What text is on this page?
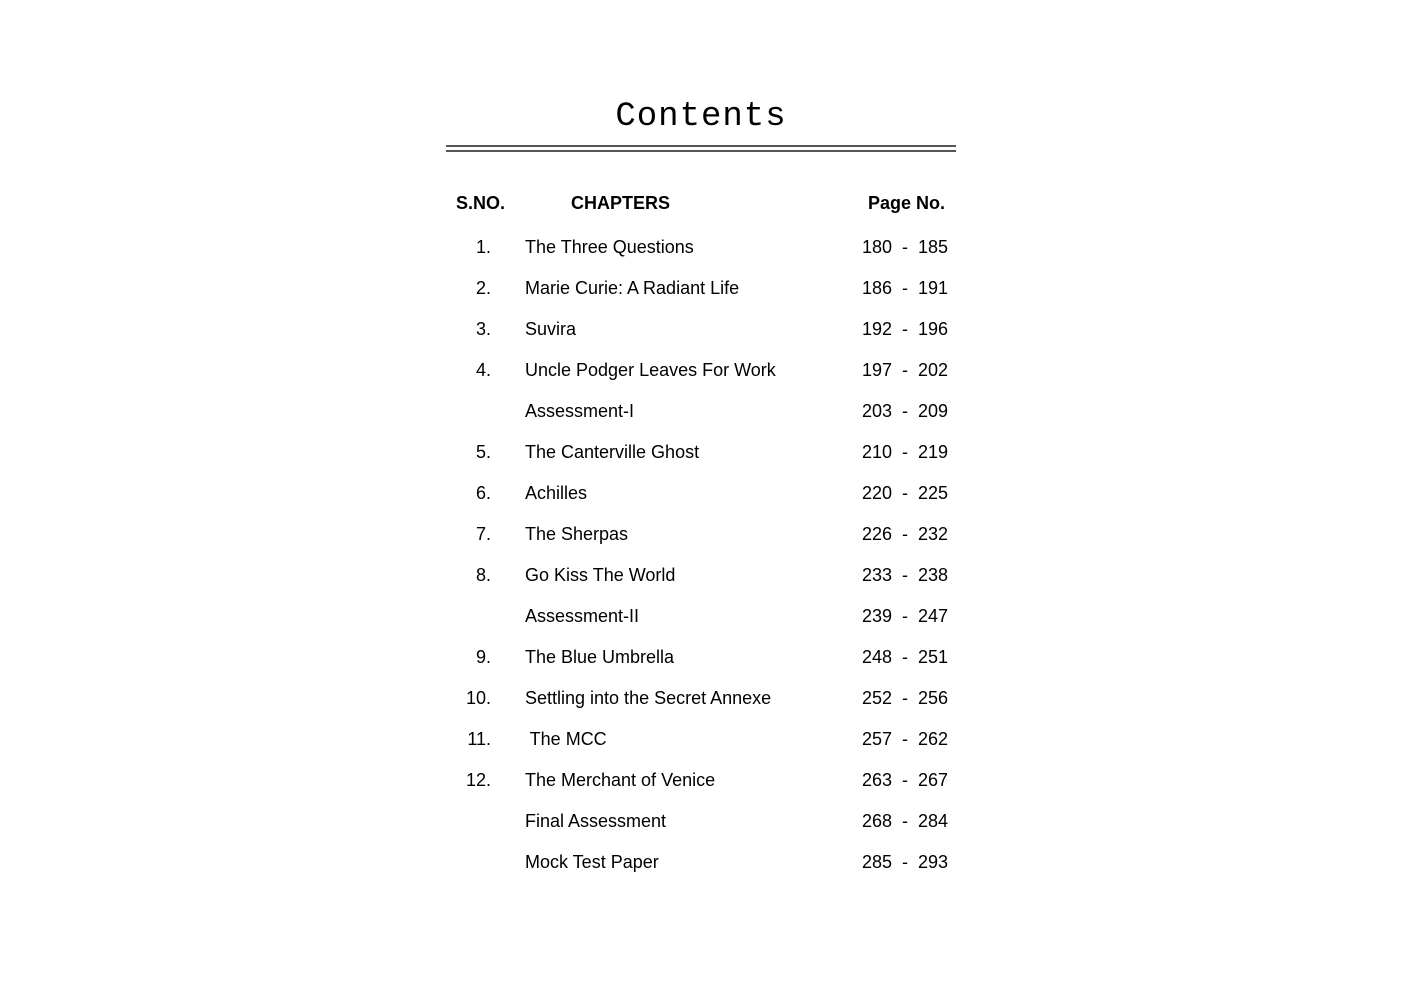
Contents
S.NO.	CHAPTERS	Page No.
1. The Three Questions	180  -  185
2. Marie Curie: A Radiant Life	186  -  191
3. Suvira	192  -  196
4. Uncle Podger Leaves For Work	197  -  202
Assessment-I	203  -  209
5. The Canterville Ghost	210  -  219
6. Achilles	220  -  225
7. The Sherpas	226  -  232
8. Go Kiss The World	233  -  238
Assessment-II	239  -  247
9. The Blue Umbrella	248  -  251
10. Settling into the Secret Annexe	252  -  256
11. The MCC	257  -  262
12. The Merchant of Venice	263  -  267
Final Assessment	268  -  284
Mock Test Paper	285  -  293
